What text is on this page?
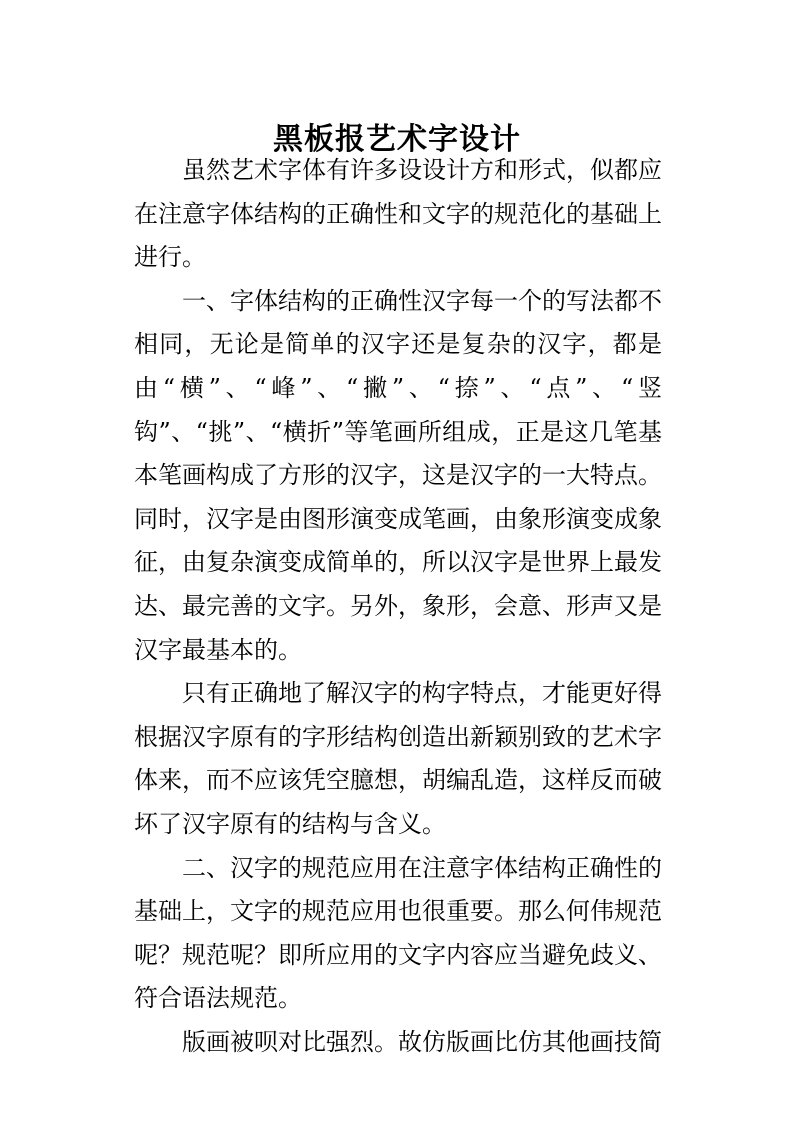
黑板报艺术字设计

虽然艺术字体有许多设设计方和形式，似都应在注意字体结构的正确性和文字的规范化的基础上进行。

一、字体结构的正确性汉字每一个的写法都不相同，无论是简单的汉字还是复杂的汉字，都是由“横”、“峰”、“撇”、“捺”、“点”、“竖钩”、“挑”、“横折”等笔画所组成，正是这几笔基本笔画构成了方形的汉字，这是汉字的一大特点。同时，汉字是由图形演变成笔画，由象形演变成象征，由复杂演变成简单的，所以汉字是世界上最发达、最完善的文字。另外，象形，会意、形声又是汉字最基本的。

只有正确地了解汉字的构字特点，才能更好得根据汉字原有的字形结构创造出新颖别致的艺术字体来，而不应该凭空臆想，胡编乱造，这样反而破坏了汉字原有的结构与含义。

二、汉字的规范应用在注意字体结构正确性的基础上，文字的规范应用也很重要。那么何伟规范呢？规范呢？即所应用的文字内容应当避免歧义、符合语法规范。

版画被呗对比强烈。故仿版画比仿其他画技简
